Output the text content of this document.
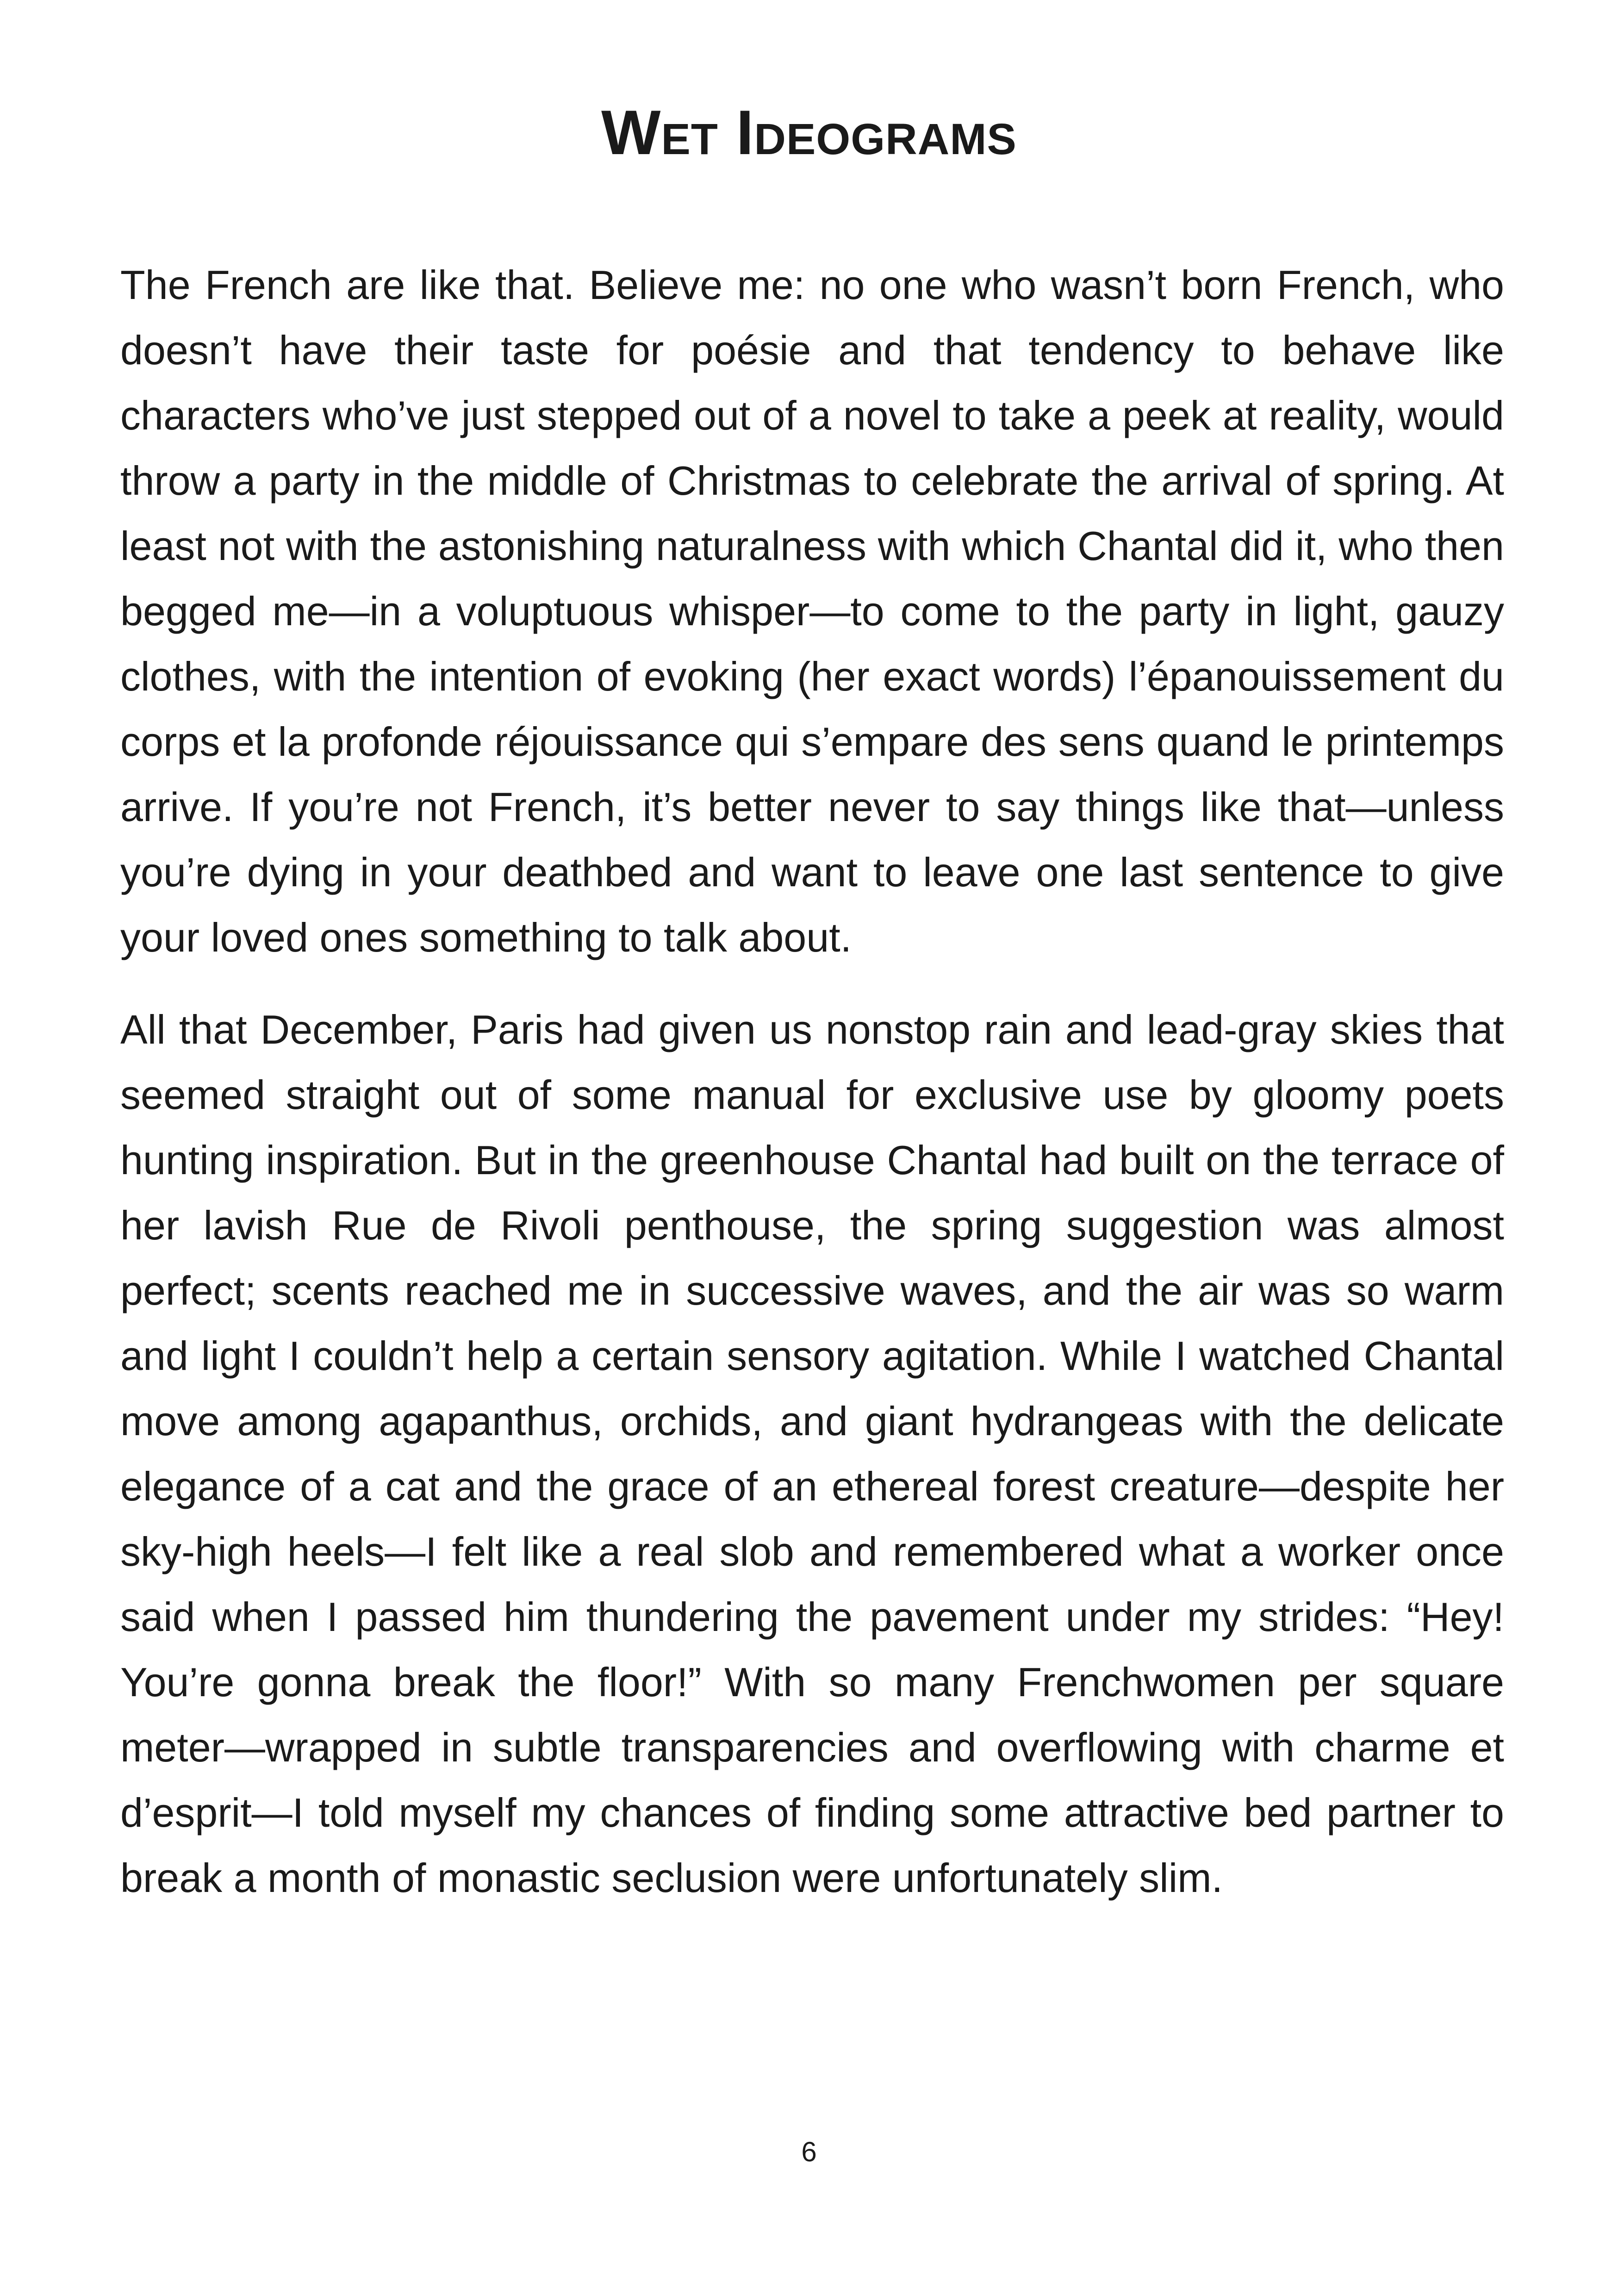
Wet Ideograms

The French are like that. Believe me: no one who wasn’t born French, who doesn’t have their taste for poésie and that tendency to behave like characters who’ve just stepped out of a novel to take a peek at reality, would throw a party in the middle of Christmas to celebrate the arrival of spring. At least not with the astonishing naturalness with which Chantal did it, who then begged me—in a voluptuous whisper—to come to the party in light, gauzy clothes, with the intention of evoking (her exact words) l’épanouissement du corps et la profonde réjouissance qui s’empare des sens quand le printemps arrive. If you’re not French, it’s better never to say things like that—unless you’re dying in your deathbed and want to leave one last sentence to give your loved ones something to talk about.

All that December, Paris had given us nonstop rain and lead-gray skies that seemed straight out of some manual for exclusive use by gloomy poets hunting inspiration. But in the greenhouse Chantal had built on the terrace of her lavish Rue de Rivoli penthouse, the spring suggestion was almost perfect; scents reached me in successive waves, and the air was so warm and light I couldn’t help a certain sensory agitation. While I watched Chantal move among agapanthus, orchids, and giant hydrangeas with the delicate elegance of a cat and the grace of an ethereal forest creature—despite her sky-high heels—I felt like a real slob and remembered what a worker once said when I passed him thundering the pavement under my strides: “Hey! You’re gonna break the floor!” With so many Frenchwomen per square meter—wrapped in subtle transparencies and overflowing with charme et d’esprit—I told myself my chances of finding some attractive bed partner to break a month of monastic seclusion were unfortunately slim.

6
